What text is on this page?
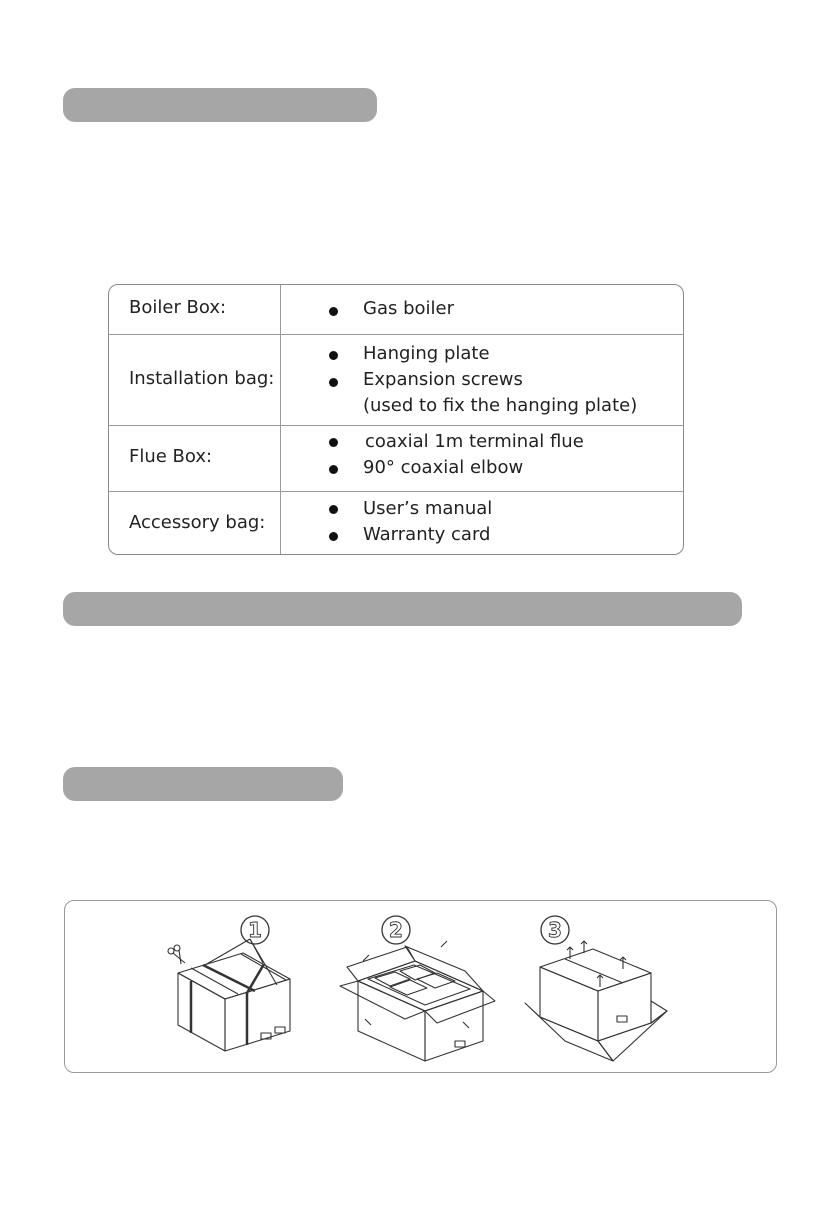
Boiler Box:	Gas boiler
Installation bag:
Hanging plate
Expansion screws
(used to fix the hanging plate)
Flue Box:
coaxial 1m terminal flue
90° coaxial elbow
Accessory bag:
User’s manual
Warranty card
1	2	3
